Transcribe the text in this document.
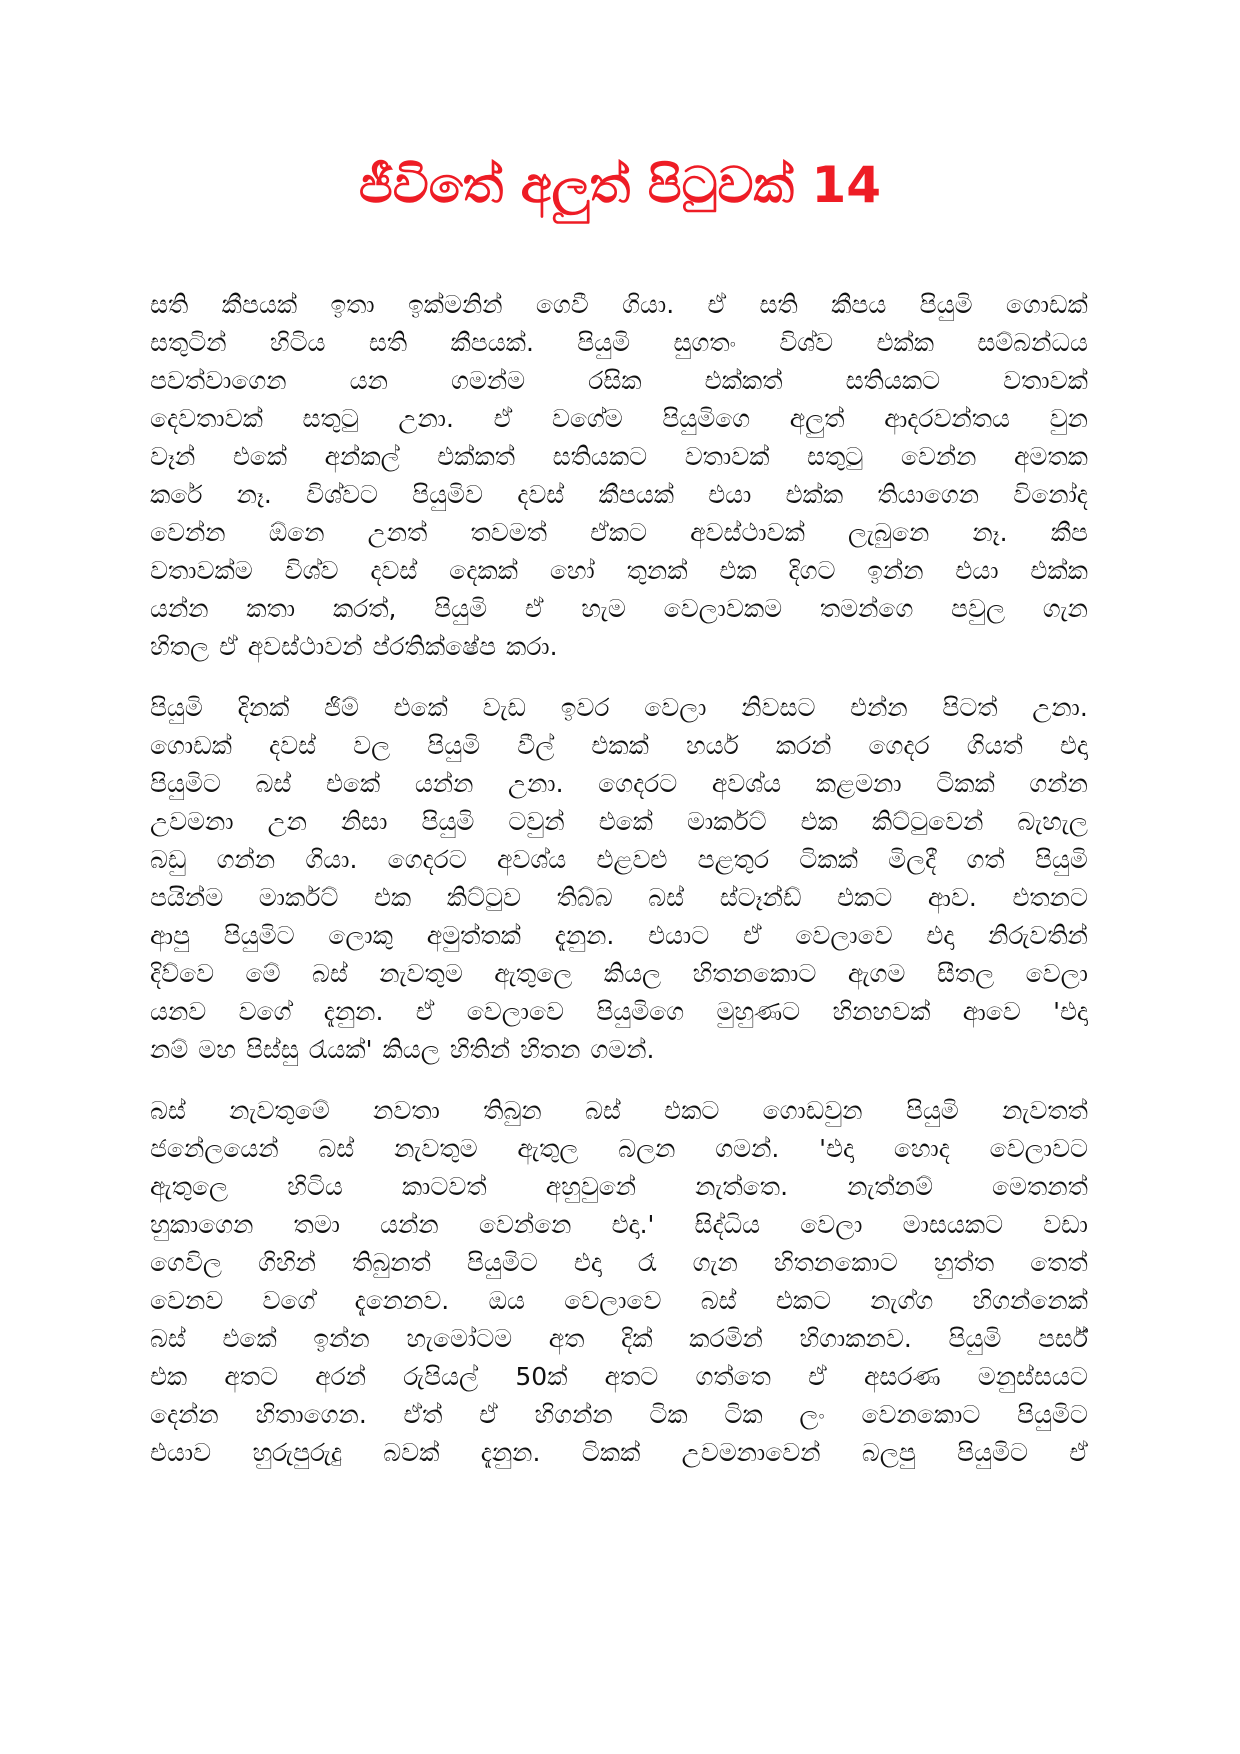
ජීවිතේ අලුත් පිටුවක් 14
සති කීපයක් ඉතා ඉක්මනින් ගෙවී ගියා. ඒ සති කීපය පියුමි ගොඩක්
සතුටින් හිටිය සති කීපයක්. පියුමි සුගතං විශ්ව එක්ක සම්බන්ධය
පවත්වාගෙන	යන	ගමන්ම	රසික	එක්කත්	සතියකට	වතාවක්
දෙවතාවක් සතුටු උනා. ඒ වගේම පියුමිගෙ අලුත් ආදරවන්තය වුන
වෑන් එකේ අන්කල් එක්කත් සතියකට වතාවක් සතුටු වෙන්න අමතක
කරේ නෑ. විශ්වට පියුමිව දවස් කීපයක් එයා එක්ක තියාගෙන විනෝද
වෙන්න ඕනෙ උනත් තවමත් ඒකට අවස්ථාවක් ලැබුනෙ නෑ. කීප
වතාවක්ම විශ්ව දවස් දෙකක් හෝ තුනක් එක දිගට ඉන්න එයා එක්ක
යන්න කතා කරත්, පියුමි ඒ හැම වෙලාවකම තමන්ගෙ පවුල ගැන
හිතල ඒ අවස්ථාවන් ප්රතික්ෂේප කරා.
පියුමි දිනක් ජිම් එකේ වැඩ ඉවර වෙලා නිවසට එන්න පිටත් උනා.
ගොඩක් දවස් වල පියුමි වීල් එකක් හයර් කරන් ගෙදර ගියත් එදා
පියුමිට බස් එකේ යන්න උනා. ගෙදරට අවශ්ය කළමනා ටිකක් ගන්න
උවමනා උන නිසා පියුමි ටවුන් එකේ මාර්කට් එක කිට්ටුවෙන් බැහැල
බඩු ගන්න ගියා. ගෙදරට අවශ්ය එළවළු පළතුර ටිකක් මිලදී ගත් පියුමි
පයින්ම මාර්කට් එක කිට්ටුව තිබ්බ බස් ස්ටෑන්ඩ් එකට ආව. එතනට
ආපු පියුමිට ලොකු අමුත්තක් දැනුන. එයාට ඒ වෙලාවෙ එදා නිරුවතින්
දිව්වෙ මේ බස් නැවතුම ඇතුලෙ කියල හිතනකොට ඇගම සීතල වෙලා
යනව වගේ දැනුන. ඒ වෙලාවෙ පියුමිගෙ මුහුණට හිනහවක් ආවෙ 'එදා
නම් මහ පිස්සු රැයක්' කියල හිතින් හිතන ගමන්.
බස් නැවතුමේ නවතා තිබුන බස් එකට ගොඩවුන පියුමි නැවතත්
ජනේලයෙන් බස් නැවතුම ඇතුල බලන ගමන්. 'එදා හොද වෙලාවට
ඇතුලෙ හිටිය කාටවත් අහුවුනේ නැත්තෙ. නැත්නම් මෙතනත්
හුකාගෙන තමා යන්න වෙන්නෙ එදා.' සිද්ධිය වෙලා මාසයකට වඩා
ගෙවිල ගිහින් තිබුනත් පියුමිට එදා රෑ ගැන හිතනකොට හුත්ත තෙත්
වෙනව වගේ දැනෙනව. ඔය වෙලාවෙ බස් එකට නැග්ග හිගන්නෙක්
බස් එකේ ඉන්න හැමෝටම අත දික් කරමින් හිගාකනව. පියුමි පර්ස්
එක අතට අරන් රුපියල් 50ක් අතට ගත්තෙ ඒ අසරණ මනුස්සයට
දෙන්න හිතාගෙන. ඒත් ඒ හිගන්න ටික ටික ලං වෙනකොට පියුමිට
එයාව හුරුපුරුදු බවක් දැනුන. ටිකක් උවමනාවෙන් බලපු පියුමිට ඒ
